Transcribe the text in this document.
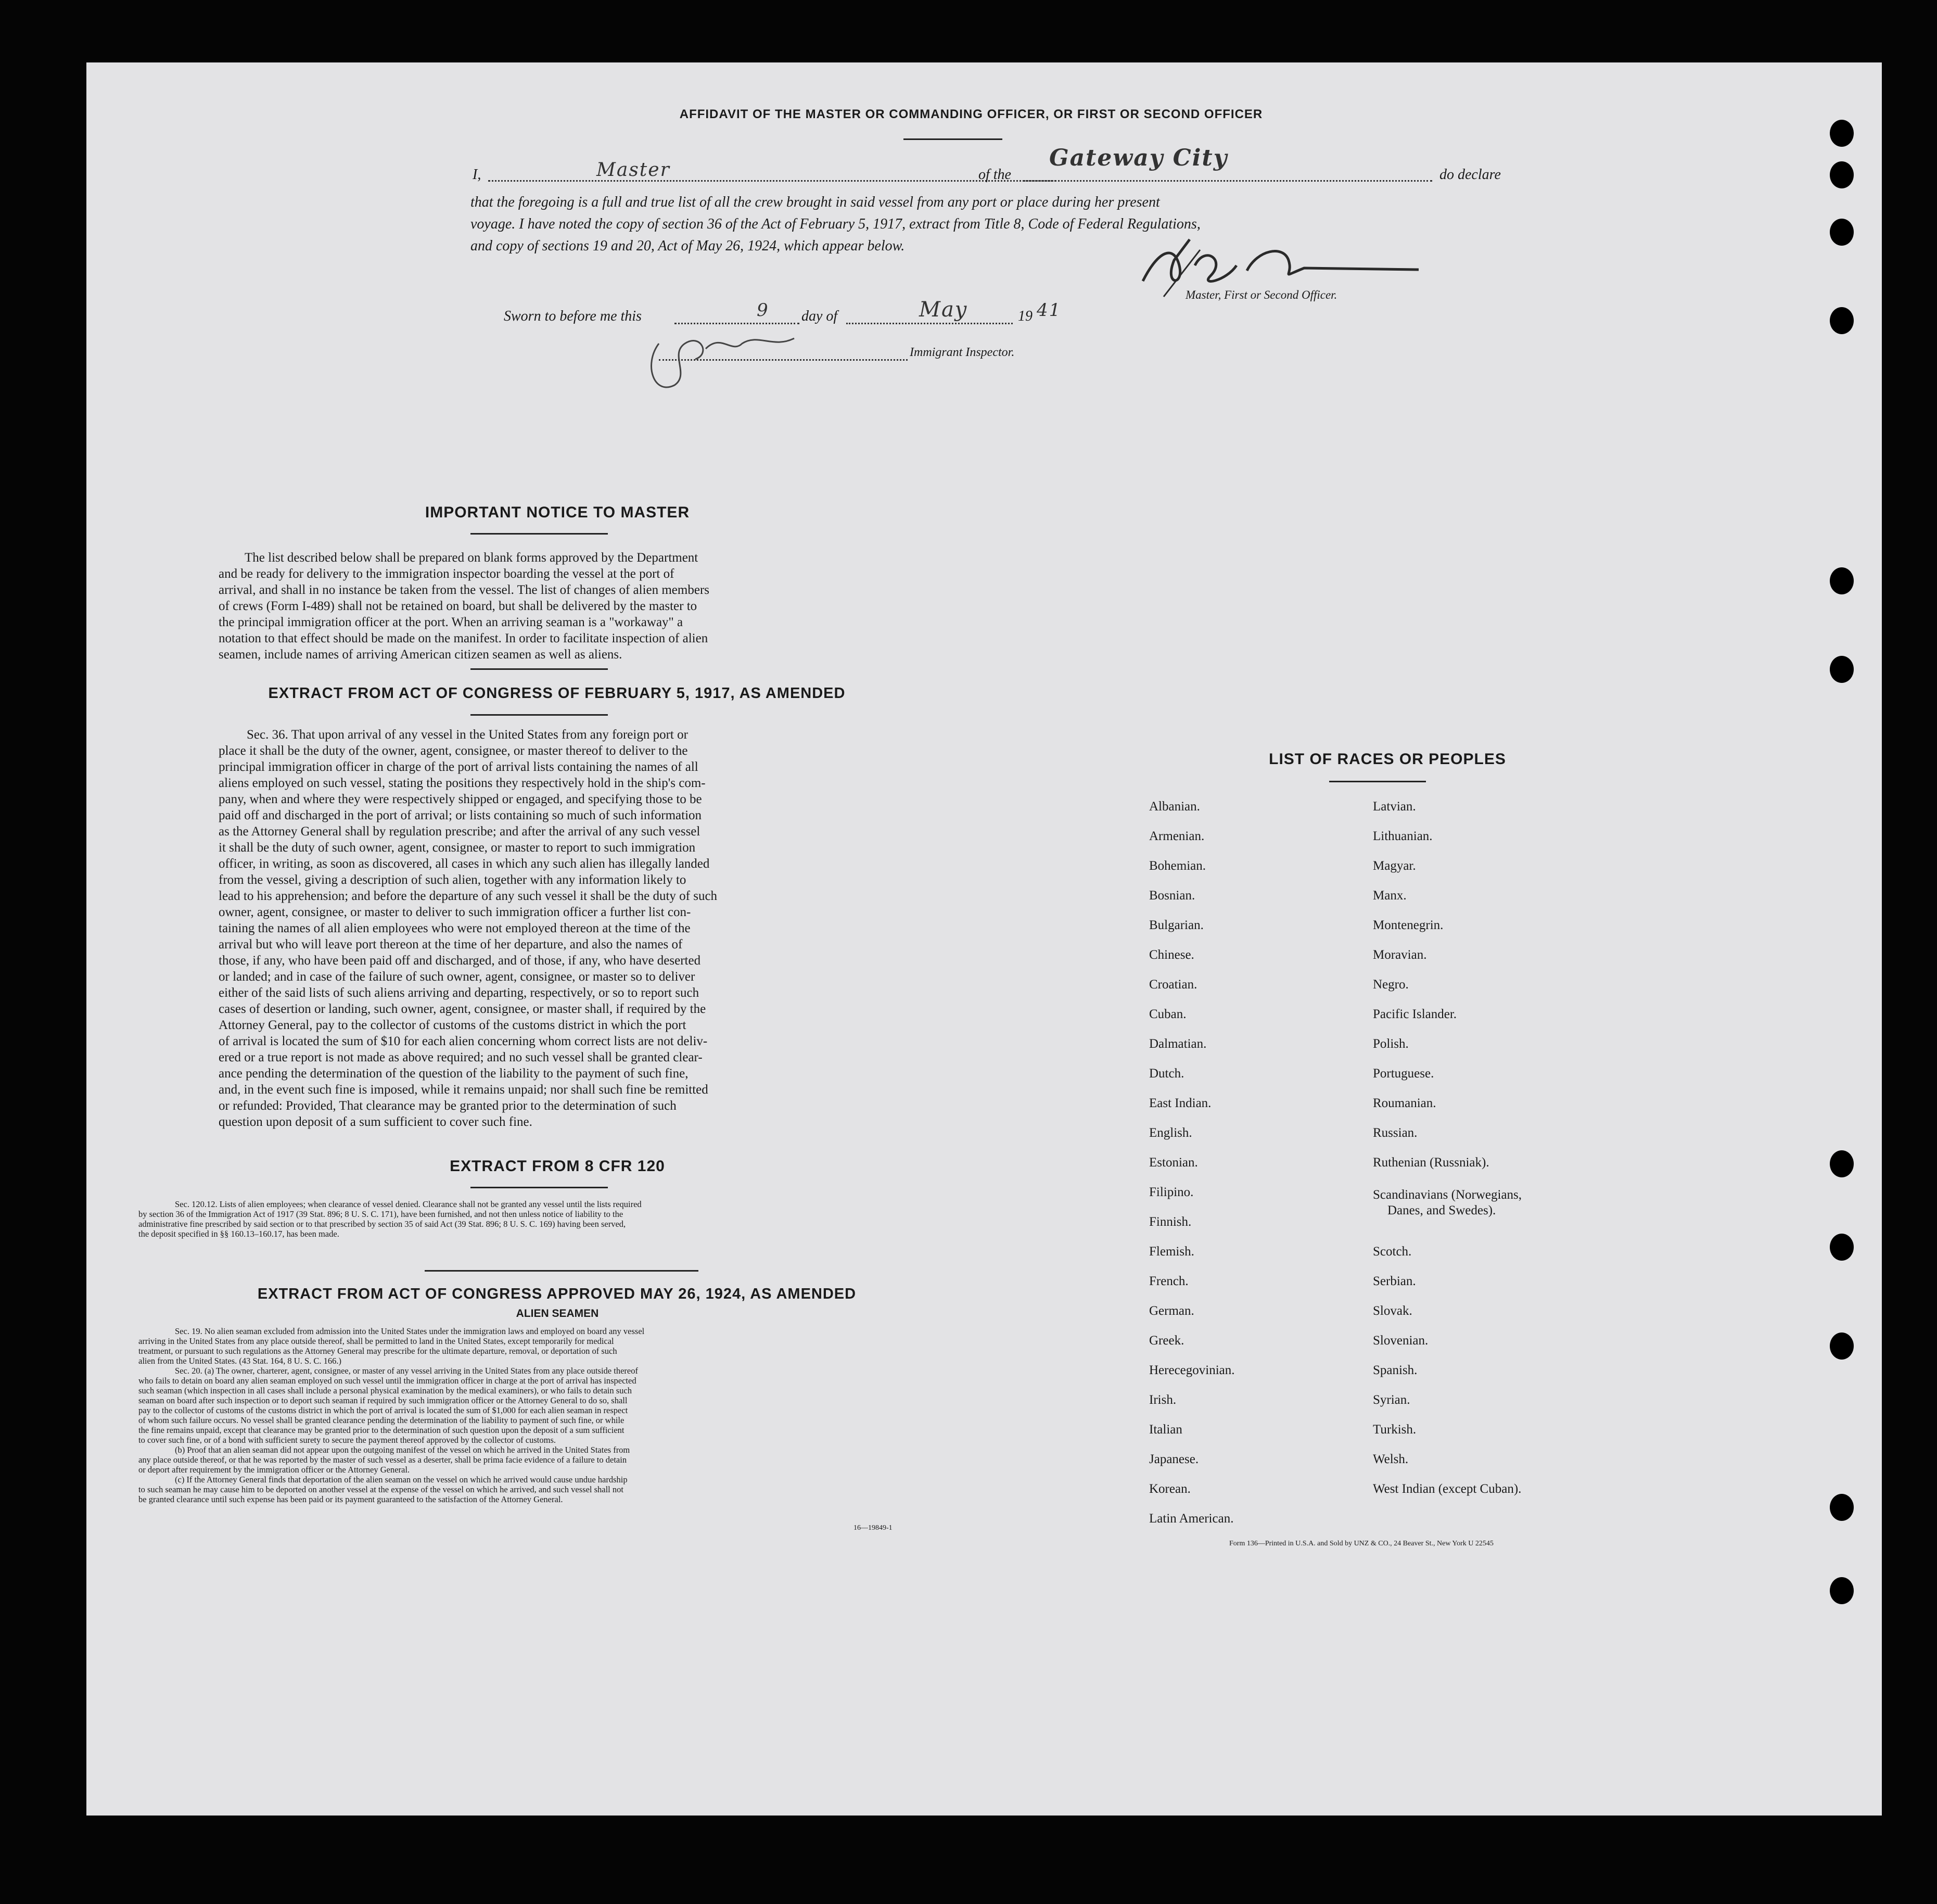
AFFIDAVIT OF THE MASTER OR COMMANDING OFFICER, OR FIRST OR SECOND OFFICER
I,	Master	of the
Gateway City
do declare
that the foregoing is a full and true list of all the crew brought in said vessel from any port or place during her present
voyage. I have noted the copy of section 36 of the Act of February 5, 1917, extract from Title 8, Code of Federal Regulations,
and copy of sections 19 and 20, Act of May 26, 1924, which appear below.
Master, First or Second Officer.
Sworn to before me this	9 day of	May	19 41
Immigrant Inspector.
IMPORTANT NOTICE TO MASTER
The list described below shall be prepared on blank forms approved by the Department
and be ready for delivery to the immigration inspector boarding the vessel at the port of
arrival, and shall in no instance be taken from the vessel. The list of changes of alien members
of crews (Form I-489) shall not be retained on board, but shall be delivered by the master to
the principal immigration officer at the port. When an arriving seaman is a "workaway" a
notation to that effect should be made on the manifest. In order to facilitate inspection of alien
seamen, include names of arriving American citizen seamen as well as aliens.
EXTRACT FROM ACT OF CONGRESS OF FEBRUARY 5, 1917, AS AMENDED
Sec. 36. That upon arrival of any vessel in the United States from any foreign port or
place it shall be the duty of the owner, agent, consignee, or master thereof to deliver to the
principal immigration officer in charge of the port of arrival lists containing the names of all
aliens employed on such vessel, stating the positions they respectively hold in the ship's com-
pany, when and where they were respectively shipped or engaged, and specifying those to be
paid off and discharged in the port of arrival; or lists containing so much of such information
as the Attorney General shall by regulation prescribe; and after the arrival of any such vessel
it shall be the duty of such owner, agent, consignee, or master to report to such immigration
officer, in writing, as soon as discovered, all cases in which any such alien has illegally landed
from the vessel, giving a description of such alien, together with any information likely to
lead to his apprehension; and before the departure of any such vessel it shall be the duty of such
owner, agent, consignee, or master to deliver to such immigration officer a further list con-
taining the names of all alien employees who were not employed thereon at the time of the
arrival but who will leave port thereon at the time of her departure, and also the names of
those, if any, who have been paid off and discharged, and of those, if any, who have deserted
or landed; and in case of the failure of such owner, agent, consignee, or master so to deliver
either of the said lists of such aliens arriving and departing, respectively, or so to report such
cases of desertion or landing, such owner, agent, consignee, or master shall, if required by the
Attorney General, pay to the collector of customs of the customs district in which the port
of arrival is located the sum of $10 for each alien concerning whom correct lists are not deliv-
ered or a true report is not made as above required; and no such vessel shall be granted clear-
ance pending the determination of the question of the liability to the payment of such fine,
and, in the event such fine is imposed, while it remains unpaid; nor shall such fine be remitted
or refunded: Provided, That clearance may be granted prior to the determination of such
question upon deposit of a sum sufficient to cover such fine.
EXTRACT FROM 8 CFR 120
Sec. 120.12. Lists of alien employees; when clearance of vessel denied. Clearance shall not be granted any vessel until the lists required
by section 36 of the Immigration Act of 1917 (39 Stat. 896; 8 U. S. C. 171), have been furnished, and not then unless notice of liability to the
administrative fine prescribed by said section or to that prescribed by section 35 of said Act (39 Stat. 896; 8 U. S. C. 169) having been served,
the deposit specified in §§ 160.13–160.17, has been made.
EXTRACT FROM ACT OF CONGRESS APPROVED MAY 26, 1924, AS AMENDED
ALIEN SEAMEN
Sec. 19. No alien seaman excluded from admission into the United States under the immigration laws and employed on board any vessel
arriving in the United States from any place outside thereof, shall be permitted to land in the United States, except temporarily for medical
treatment, or pursuant to such regulations as the Attorney General may prescribe for the ultimate departure, removal, or deportation of such
alien from the United States. (43 Stat. 164, 8 U. S. C. 166.)
Sec. 20. (a) The owner, charterer, agent, consignee, or master of any vessel arriving in the United States from any place outside thereof
who fails to detain on board any alien seaman employed on such vessel until the immigration officer in charge at the port of arrival has inspected
such seaman (which inspection in all cases shall include a personal physical examination by the medical examiners), or who fails to detain such
seaman on board after such inspection or to deport such seaman if required by such immigration officer or the Attorney General to do so, shall
pay to the collector of customs of the customs district in which the port of arrival is located the sum of $1,000 for each alien seaman in respect
of whom such failure occurs. No vessel shall be granted clearance pending the determination of the liability to payment of such fine, or while
the fine remains unpaid, except that clearance may be granted prior to the determination of such question upon the deposit of a sum sufficient
to cover such fine, or of a bond with sufficient surety to secure the payment thereof approved by the collector of customs.
(b) Proof that an alien seaman did not appear upon the outgoing manifest of the vessel on which he arrived in the United States from
any place outside thereof, or that he was reported by the master of such vessel as a deserter, shall be prima facie evidence of a failure to detain
or deport after requirement by the immigration officer or the Attorney General.
(c) If the Attorney General finds that deportation of the alien seaman on the vessel on which he arrived would cause undue hardship
to such seaman he may cause him to be deported on another vessel at the expense of the vessel on which he arrived, and such vessel shall not
be granted clearance until such expense has been paid or its payment guaranteed to the satisfaction of the Attorney General.
16—19849-1
LIST OF RACES OR PEOPLES
Albanian.
Armenian.
Bohemian.
Bosnian.
Bulgarian.
Chinese.
Croatian.
Cuban.
Dalmatian.
Dutch.
East Indian.
English.
Estonian.
Filipino.
Finnish.
Flemish.
French.
German.
Greek.
Herecegovinian.
Irish.
Italian
Japanese.
Korean.
Latin American.
Latvian.
Lithuanian.
Magyar.
Manx.
Montenegrin.
Moravian.
Negro.
Pacific Islander.
Polish.
Portuguese.
Roumanian.
Russian.
Ruthenian (Russniak).
Scandinavians (Norwegians,
Danes, and Swedes).
Scotch.
Serbian.
Slovak.
Slovenian.
Spanish.
Syrian.
Turkish.
Welsh.
West Indian (except Cuban).
Form 136—Printed in U.S.A. and Sold by UNZ & CO., 24 Beaver St., New York U 22545
